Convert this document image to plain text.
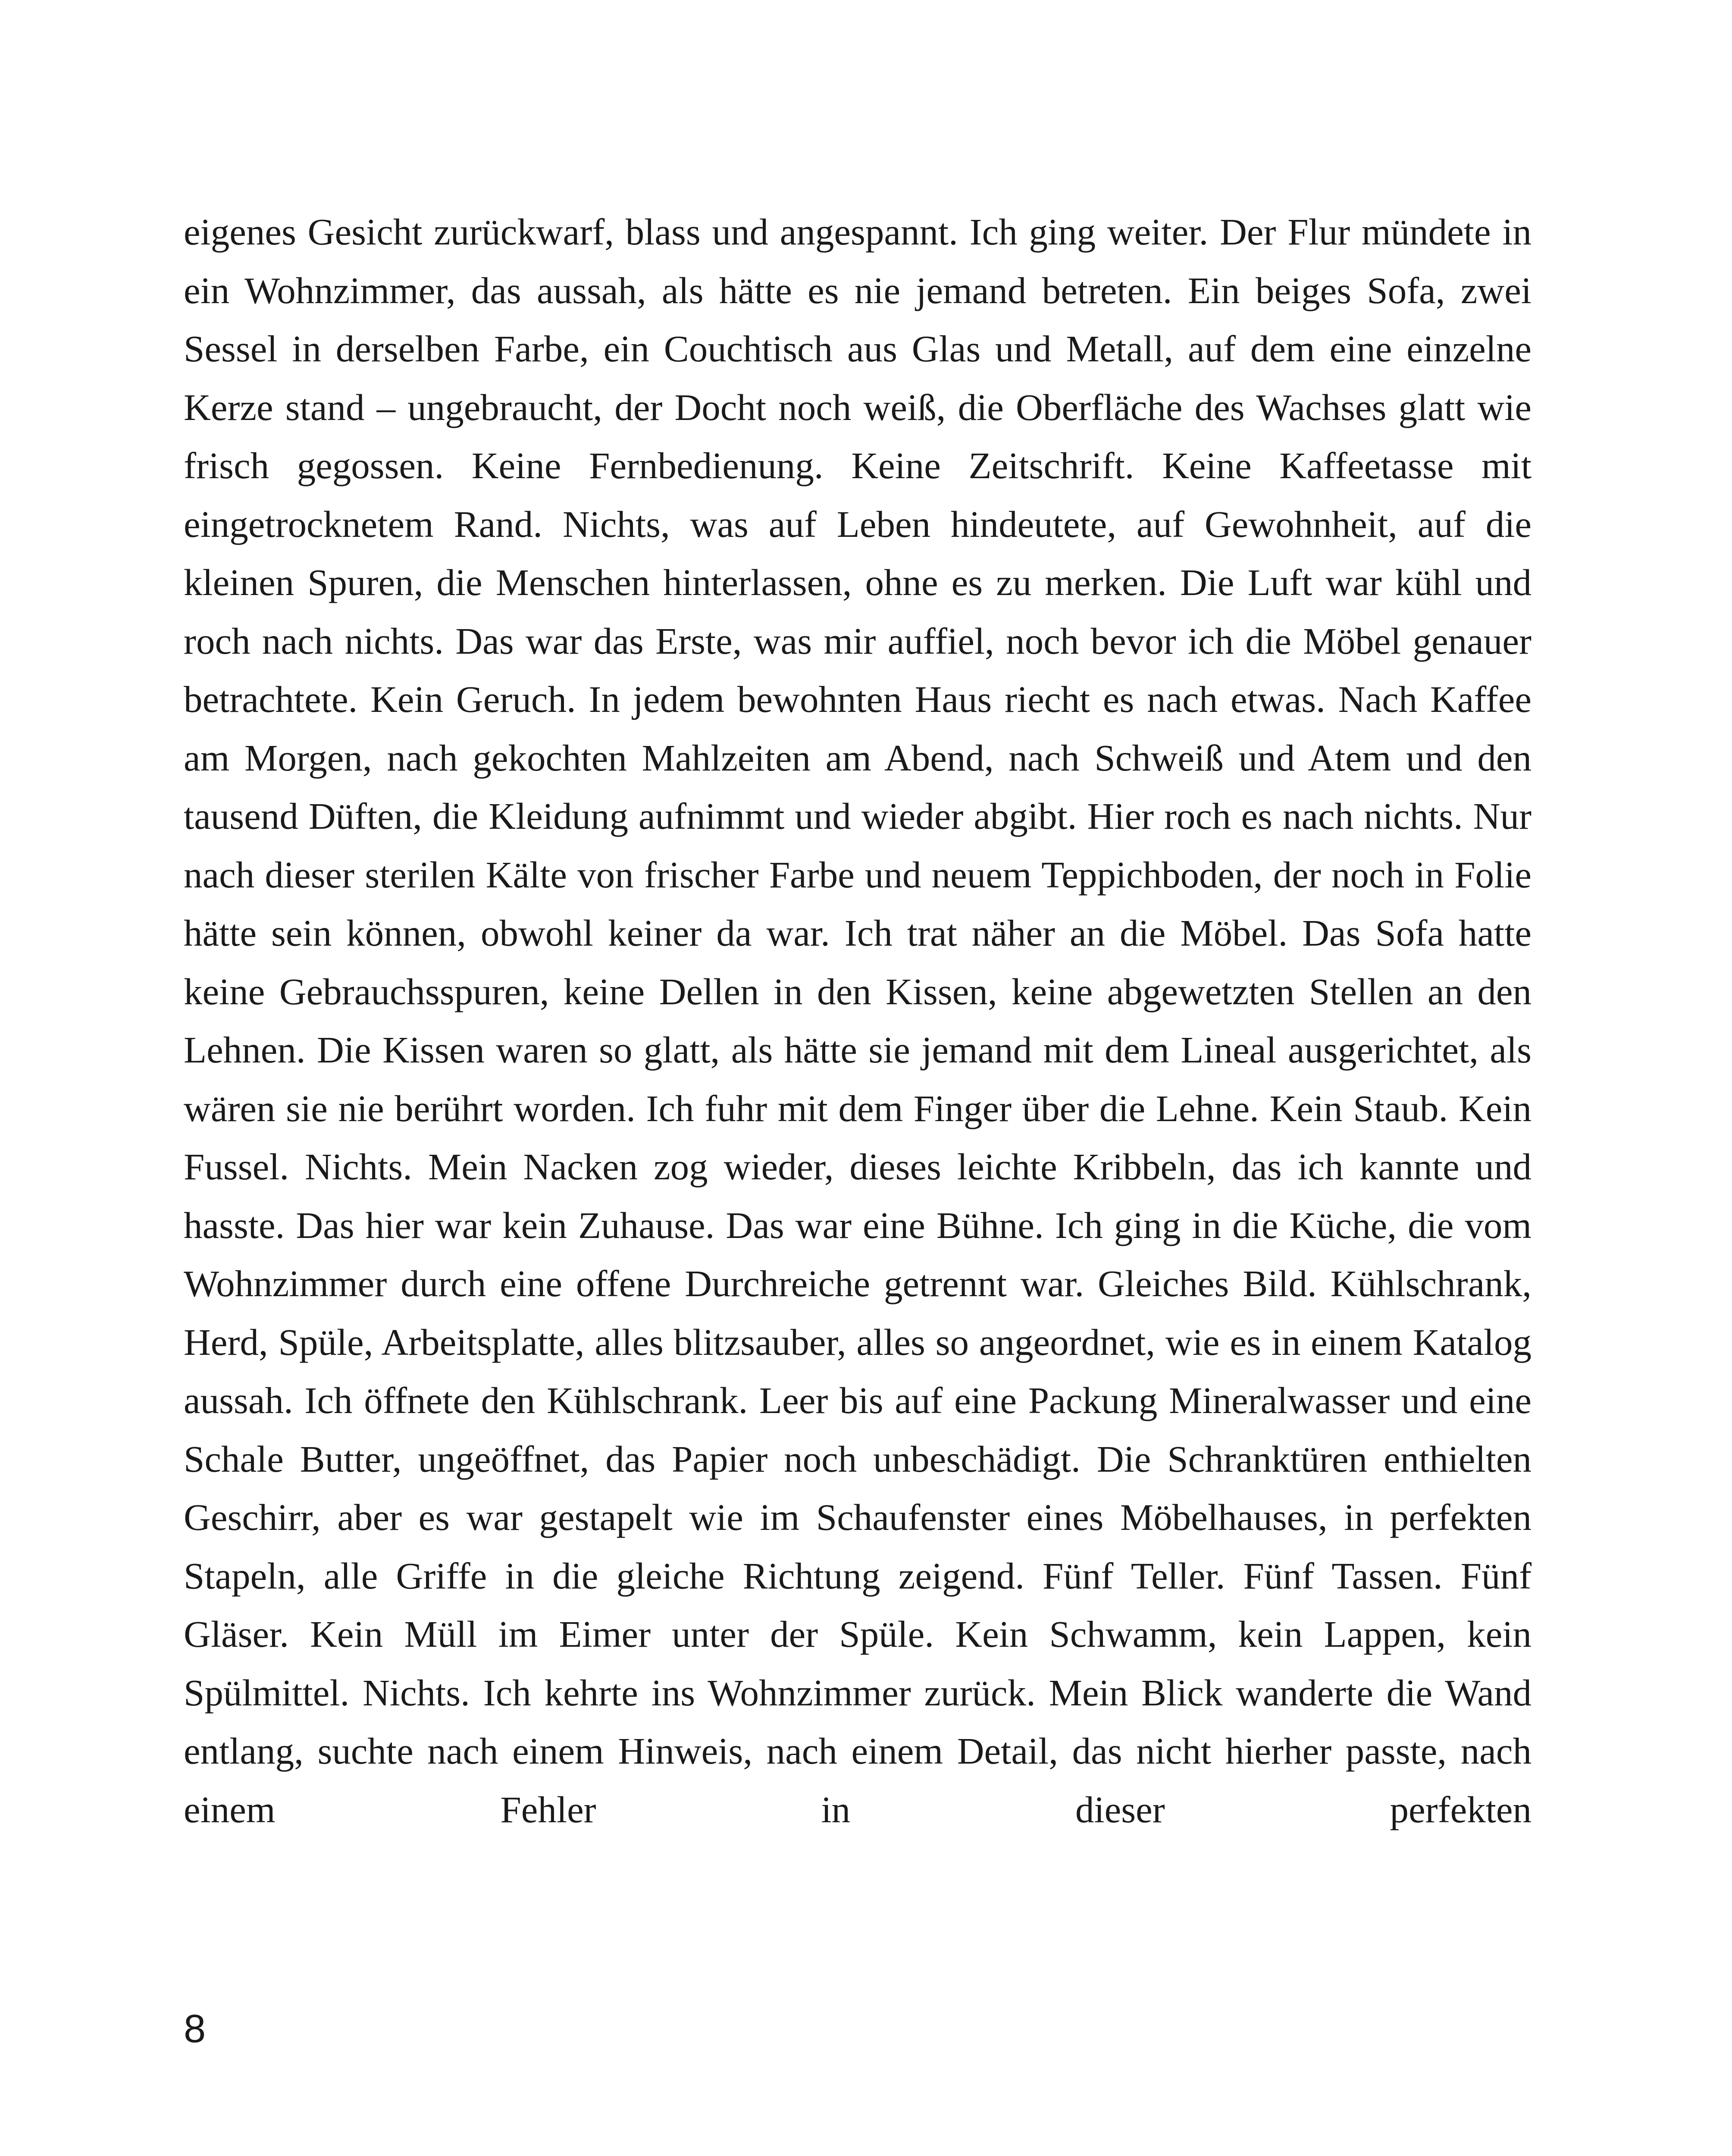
eigenes Gesicht zurückwarf, blass und angespannt. Ich ging weiter. Der Flur mündete in ein Wohnzimmer, das aussah, als hätte es nie jemand betreten. Ein beiges Sofa, zwei Sessel in derselben Farbe, ein Couchtisch aus Glas und Metall, auf dem eine einzelne Kerze stand – ungebraucht, der Docht noch weiß, die Oberfläche des Wachses glatt wie frisch gegossen. Keine Fernbedienung. Keine Zeitschrift. Keine Kaffeetasse mit eingetrocknetem Rand. Nichts, was auf Leben hindeutete, auf Gewohnheit, auf die kleinen Spuren, die Menschen hinterlassen, ohne es zu merken. Die Luft war kühl und roch nach nichts. Das war das Erste, was mir auffiel, noch bevor ich die Möbel genauer betrachtete. Kein Geruch. In jedem bewohnten Haus riecht es nach etwas. Nach Kaffee am Morgen, nach gekochten Mahlzeiten am Abend, nach Schweiß und Atem und den tausend Düften, die Kleidung aufnimmt und wieder abgibt. Hier roch es nach nichts. Nur nach dieser sterilen Kälte von frischer Farbe und neuem Teppichboden, der noch in Folie hätte sein können, obwohl keiner da war. Ich trat näher an die Möbel. Das Sofa hatte keine Gebrauchsspuren, keine Dellen in den Kissen, keine abgewetzten Stellen an den Lehnen. Die Kissen waren so glatt, als hätte sie jemand mit dem Lineal ausgerichtet, als wären sie nie berührt worden. Ich fuhr mit dem Finger über die Lehne. Kein Staub. Kein Fussel. Nichts. Mein Nacken zog wieder, dieses leichte Kribbeln, das ich kannte und hasste. Das hier war kein Zuhause. Das war eine Bühne. Ich ging in die Küche, die vom Wohnzimmer durch eine offene Durchreiche getrennt war. Gleiches Bild. Kühlschrank, Herd, Spüle, Arbeitsplatte, alles blitzsauber, alles so angeordnet, wie es in einem Katalog aussah. Ich öffnete den Kühlschrank. Leer bis auf eine Packung Mineralwasser und eine Schale Butter, ungeöffnet, das Papier noch unbeschädigt. Die Schranktüren enthielten Geschirr, aber es war gestapelt wie im Schaufenster eines Möbelhauses, in perfekten Stapeln, alle Griffe in die gleiche Richtung zeigend. Fünf Teller. Fünf Tassen. Fünf Gläser. Kein Müll im Eimer unter der Spüle. Kein Schwamm, kein Lappen, kein Spülmittel. Nichts. Ich kehrte ins Wohnzimmer zurück. Mein Blick wanderte die Wand entlang, suchte nach einem Hinweis, nach einem Detail, das nicht hierher passte, nach einem Fehler in dieser perfekten

8
